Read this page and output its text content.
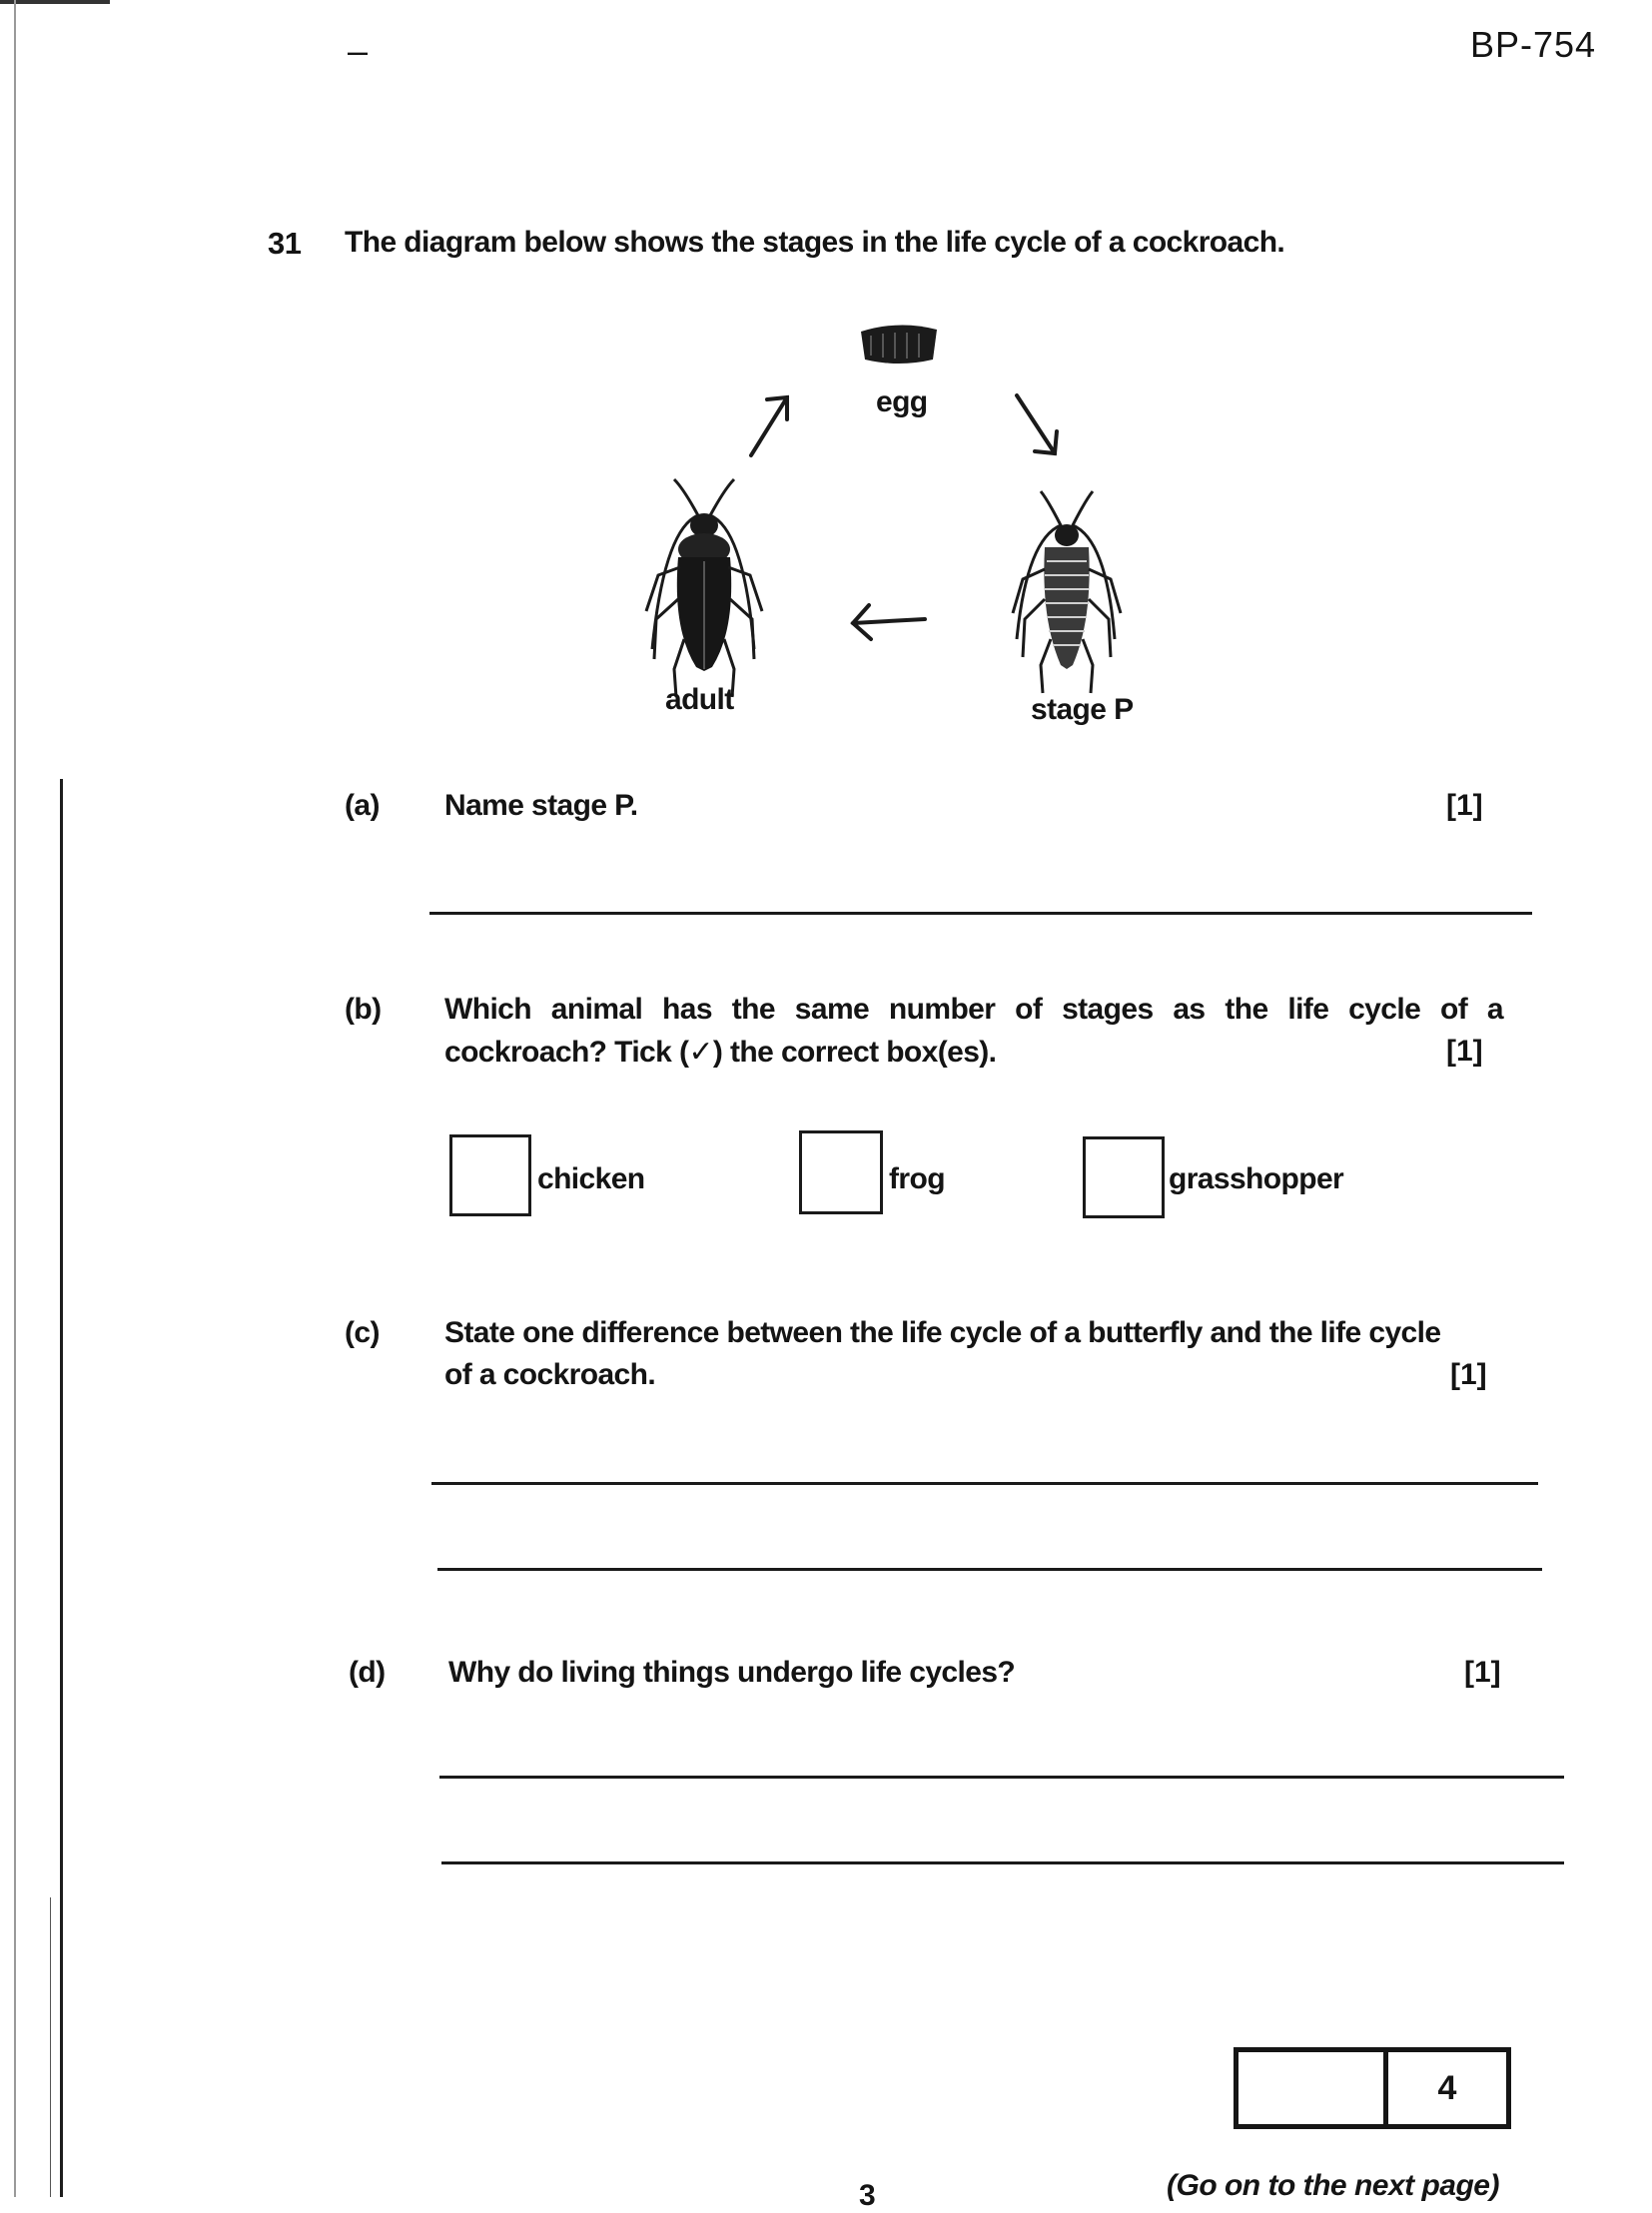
–	BP-754
31 The diagram below shows the stages in the life cycle of a cockroach.
egg
adult	stage P
(a) Name stage P.	[1]
(b) Which animal has the same number of stages as the life cycle of a
cockroach? Tick (✓) the correct box(es).	[1]
chicken	frog	grasshopper
(c) State one difference between the life cycle of a butterfly and the life cycle
of a cockroach.	[1]
(d) Why do living things undergo life cycles?	[1]
4
(Go on to the next page)
3
